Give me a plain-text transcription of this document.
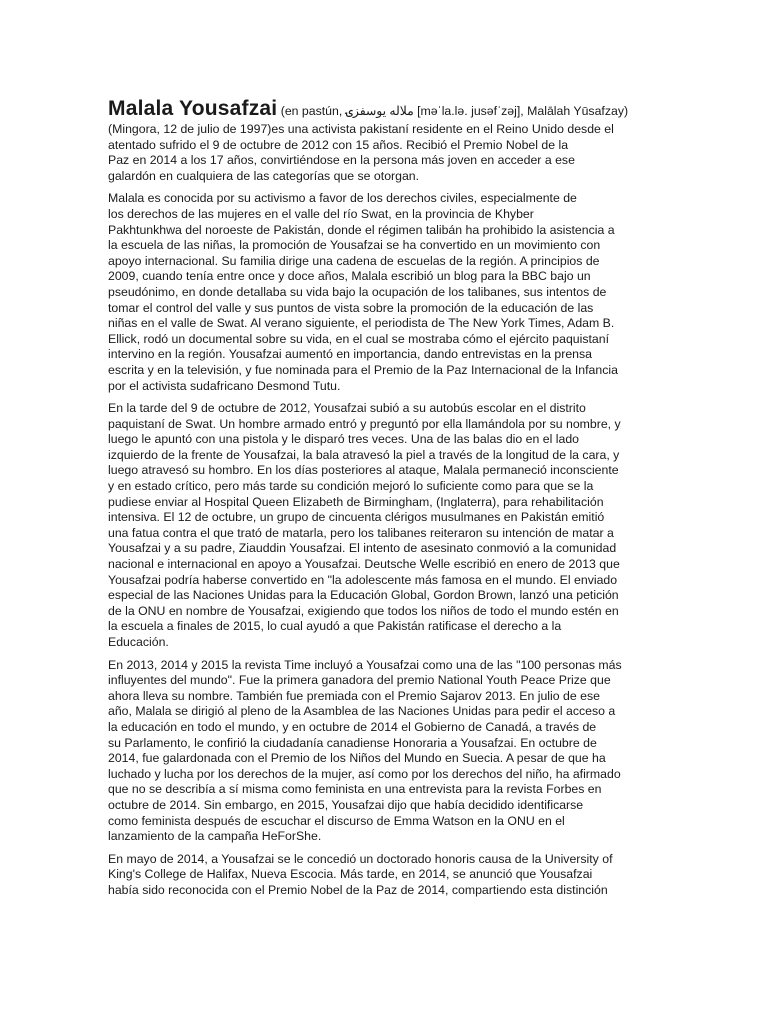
Malala Yousafzai (en pastún, ملاله یوسفزۍ [məˈla.lə. jusəfˈzəj], Malālah Yūsafzay)

(Mingora, 12 de julio de 1997)es una activista pakistaní residente en el Reino Unido desde el
atentado sufrido el 9 de octubre de 2012 con 15 años. Recibió el Premio Nobel de la
Paz en 2014 a los 17 años, convirtiéndose en la persona más joven en acceder a ese
galardón en cualquiera de las categorías que se otorgan.
Malala es conocida por su activismo a favor de los derechos civiles, especialmente de
los derechos de las mujeres en el valle del río Swat, en la provincia de Khyber
Pakhtunkhwa del noroeste de Pakistán, donde el régimen talibán ha prohibido la asistencia a
la escuela de las niñas, la promoción de Yousafzai se ha convertido en un movimiento con
apoyo internacional. Su familia dirige una cadena de escuelas de la región. A principios de
2009, cuando tenía entre once y doce años, Malala escribió un blog para la BBC bajo un
pseudónimo, en donde detallaba su vida bajo la ocupación de los talibanes, sus intentos de
tomar el control del valle y sus puntos de vista sobre la promoción de la educación de las
niñas en el valle de Swat. Al verano siguiente, el periodista de The New York Times, Adam B.
Ellick, rodó un documental sobre su vida, en el cual se mostraba cómo el ejército paquistaní
intervino en la región. Yousafzai aumentó en importancia, dando entrevistas en la prensa
escrita y en la televisión, y fue nominada para el Premio de la Paz Internacional de la Infancia
por el activista sudafricano Desmond Tutu.
En la tarde del 9 de octubre de 2012, Yousafzai subió a su autobús escolar en el distrito
paquistaní de Swat. Un hombre armado entró y preguntó por ella llamándola por su nombre, y
luego le apuntó con una pistola y le disparó tres veces. Una de las balas dio en el lado
izquierdo de la frente de Yousafzai, la bala atravesó la piel a través de la longitud de la cara, y
luego atravesó su hombro. En los días posteriores al ataque, Malala permaneció inconsciente
y en estado crítico, pero más tarde su condición mejoró lo suficiente como para que se la
pudiese enviar al Hospital Queen Elizabeth de Birmingham, (Inglaterra), para rehabilitación
intensiva. El 12 de octubre, un grupo de cincuenta clérigos musulmanes en Pakistán emitió
una fatua contra el que trató de matarla, pero los talibanes reiteraron su intención de matar a
Yousafzai y a su padre, Ziauddin Yousafzai. El intento de asesinato conmovió a la comunidad
nacional e internacional en apoyo a Yousafzai. Deutsche Welle escribió en enero de 2013 que
Yousafzai podría haberse convertido en "la adolescente más famosa en el mundo. El enviado
especial de las Naciones Unidas para la Educación Global, Gordon Brown, lanzó una petición
de la ONU en nombre de Yousafzai, exigiendo que todos los niños de todo el mundo estén en
la escuela a finales de 2015, lo cual ayudó a que Pakistán ratificase el derecho a la
Educación.
En 2013, 2014 y 2015 la revista Time incluyó a Yousafzai como una de las "100 personas más
influyentes del mundo". Fue la primera ganadora del premio National Youth Peace Prize que
ahora lleva su nombre. También fue premiada con el Premio Sajarov 2013. En julio de ese
año, Malala se dirigió al pleno de la Asamblea de las Naciones Unidas para pedir el acceso a
la educación en todo el mundo, y en octubre de 2014 el Gobierno de Canadá, a través de
su Parlamento, le confirió la ciudadanía canadiense Honoraria a Yousafzai. En octubre de
2014, fue galardonada con el Premio de los Niños del Mundo en Suecia. A pesar de que ha
luchado y lucha por los derechos de la mujer, así como por los derechos del niño, ha afirmado
que no se describía a sí misma como feminista en una entrevista para la revista Forbes en
octubre de 2014. Sin embargo, en 2015, Yousafzai dijo que había decidido identificarse
como feminista después de escuchar el discurso de Emma Watson en la ONU en el
lanzamiento de la campaña HeForShe.
En mayo de 2014, a Yousafzai se le concedió un doctorado honoris causa de la University of
King's College de Halifax, Nueva Escocia. Más tarde, en 2014, se anunció que Yousafzai
había sido reconocida con el Premio Nobel de la Paz de 2014, compartiendo esta distinción
